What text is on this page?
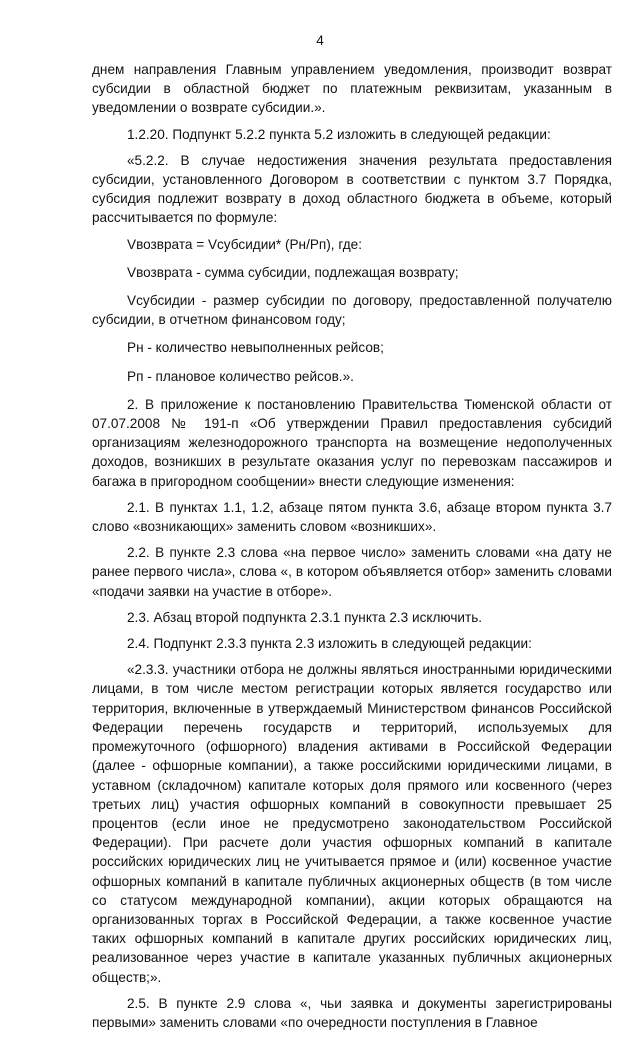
4

днем направления Главным управлением уведомления, производит возврат субсидии в областной бюджет по платежным реквизитам, указанным в уведомлении о возврате субсидии.».

1.2.20. Подпункт 5.2.2 пункта 5.2 изложить в следующей редакции:

«5.2.2. В случае недостижения значения результата предоставления субсидии, установленного Договором в соответствии с пунктом 3.7 Порядка, субсидия подлежит возврату в доход областного бюджета в объеме, который рассчитывается по формуле:

Vвозврата = Vсубсидии* (Рн/Рп), где:

Vвозврата - сумма субсидии, подлежащая возврату;

Vсубсидии - размер субсидии по договору, предоставленной получателю субсидии, в отчетном финансовом году;

Рн - количество невыполненных рейсов;

Рп - плановое количество рейсов.».

2. В приложение к постановлению Правительства Тюменской области от 07.07.2008 № 191-п «Об утверждении Правил предоставления субсидий организациям железнодорожного транспорта на возмещение недополученных доходов, возникших в результате оказания услуг по перевозкам пассажиров и багажа в пригородном сообщении» внести следующие изменения:

2.1. В пунктах 1.1, 1.2, абзаце пятом пункта 3.6, абзаце втором пункта 3.7 слово «возникающих» заменить словом «возникших».

2.2. В пункте 2.3 слова «на первое число» заменить словами «на дату не ранее первого числа», слова «, в котором объявляется отбор» заменить словами «подачи заявки на участие в отборе».

2.3. Абзац второй подпункта 2.3.1 пункта 2.3 исключить.

2.4. Подпункт 2.3.3 пункта 2.3 изложить в следующей редакции:

«2.3.3. участники отбора не должны являться иностранными юридическими лицами, в том числе местом регистрации которых является государство или территория, включенные в утверждаемый Министерством финансов Российской Федерации перечень государств и территорий, используемых для промежуточного (офшорного) владения активами в Российской Федерации (далее - офшорные компании), а также российскими юридическими лицами, в уставном (складочном) капитале которых доля прямого или косвенного (через третьих лиц) участия офшорных компаний в совокупности превышает 25 процентов (если иное не предусмотрено законодательством Российской Федерации). При расчете доли участия офшорных компаний в капитале российских юридических лиц не учитывается прямое и (или) косвенное участие офшорных компаний в капитале публичных акционерных обществ (в том числе со статусом международной компании), акции которых обращаются на организованных торгах в Российской Федерации, а также косвенное участие таких офшорных компаний в капитале других российских юридических лиц, реализованное через участие в капитале указанных публичных акционерных обществ;».

2.5. В пункте 2.9 слова «, чьи заявка и документы зарегистрированы первыми» заменить словами «по очередности поступления в Главное
